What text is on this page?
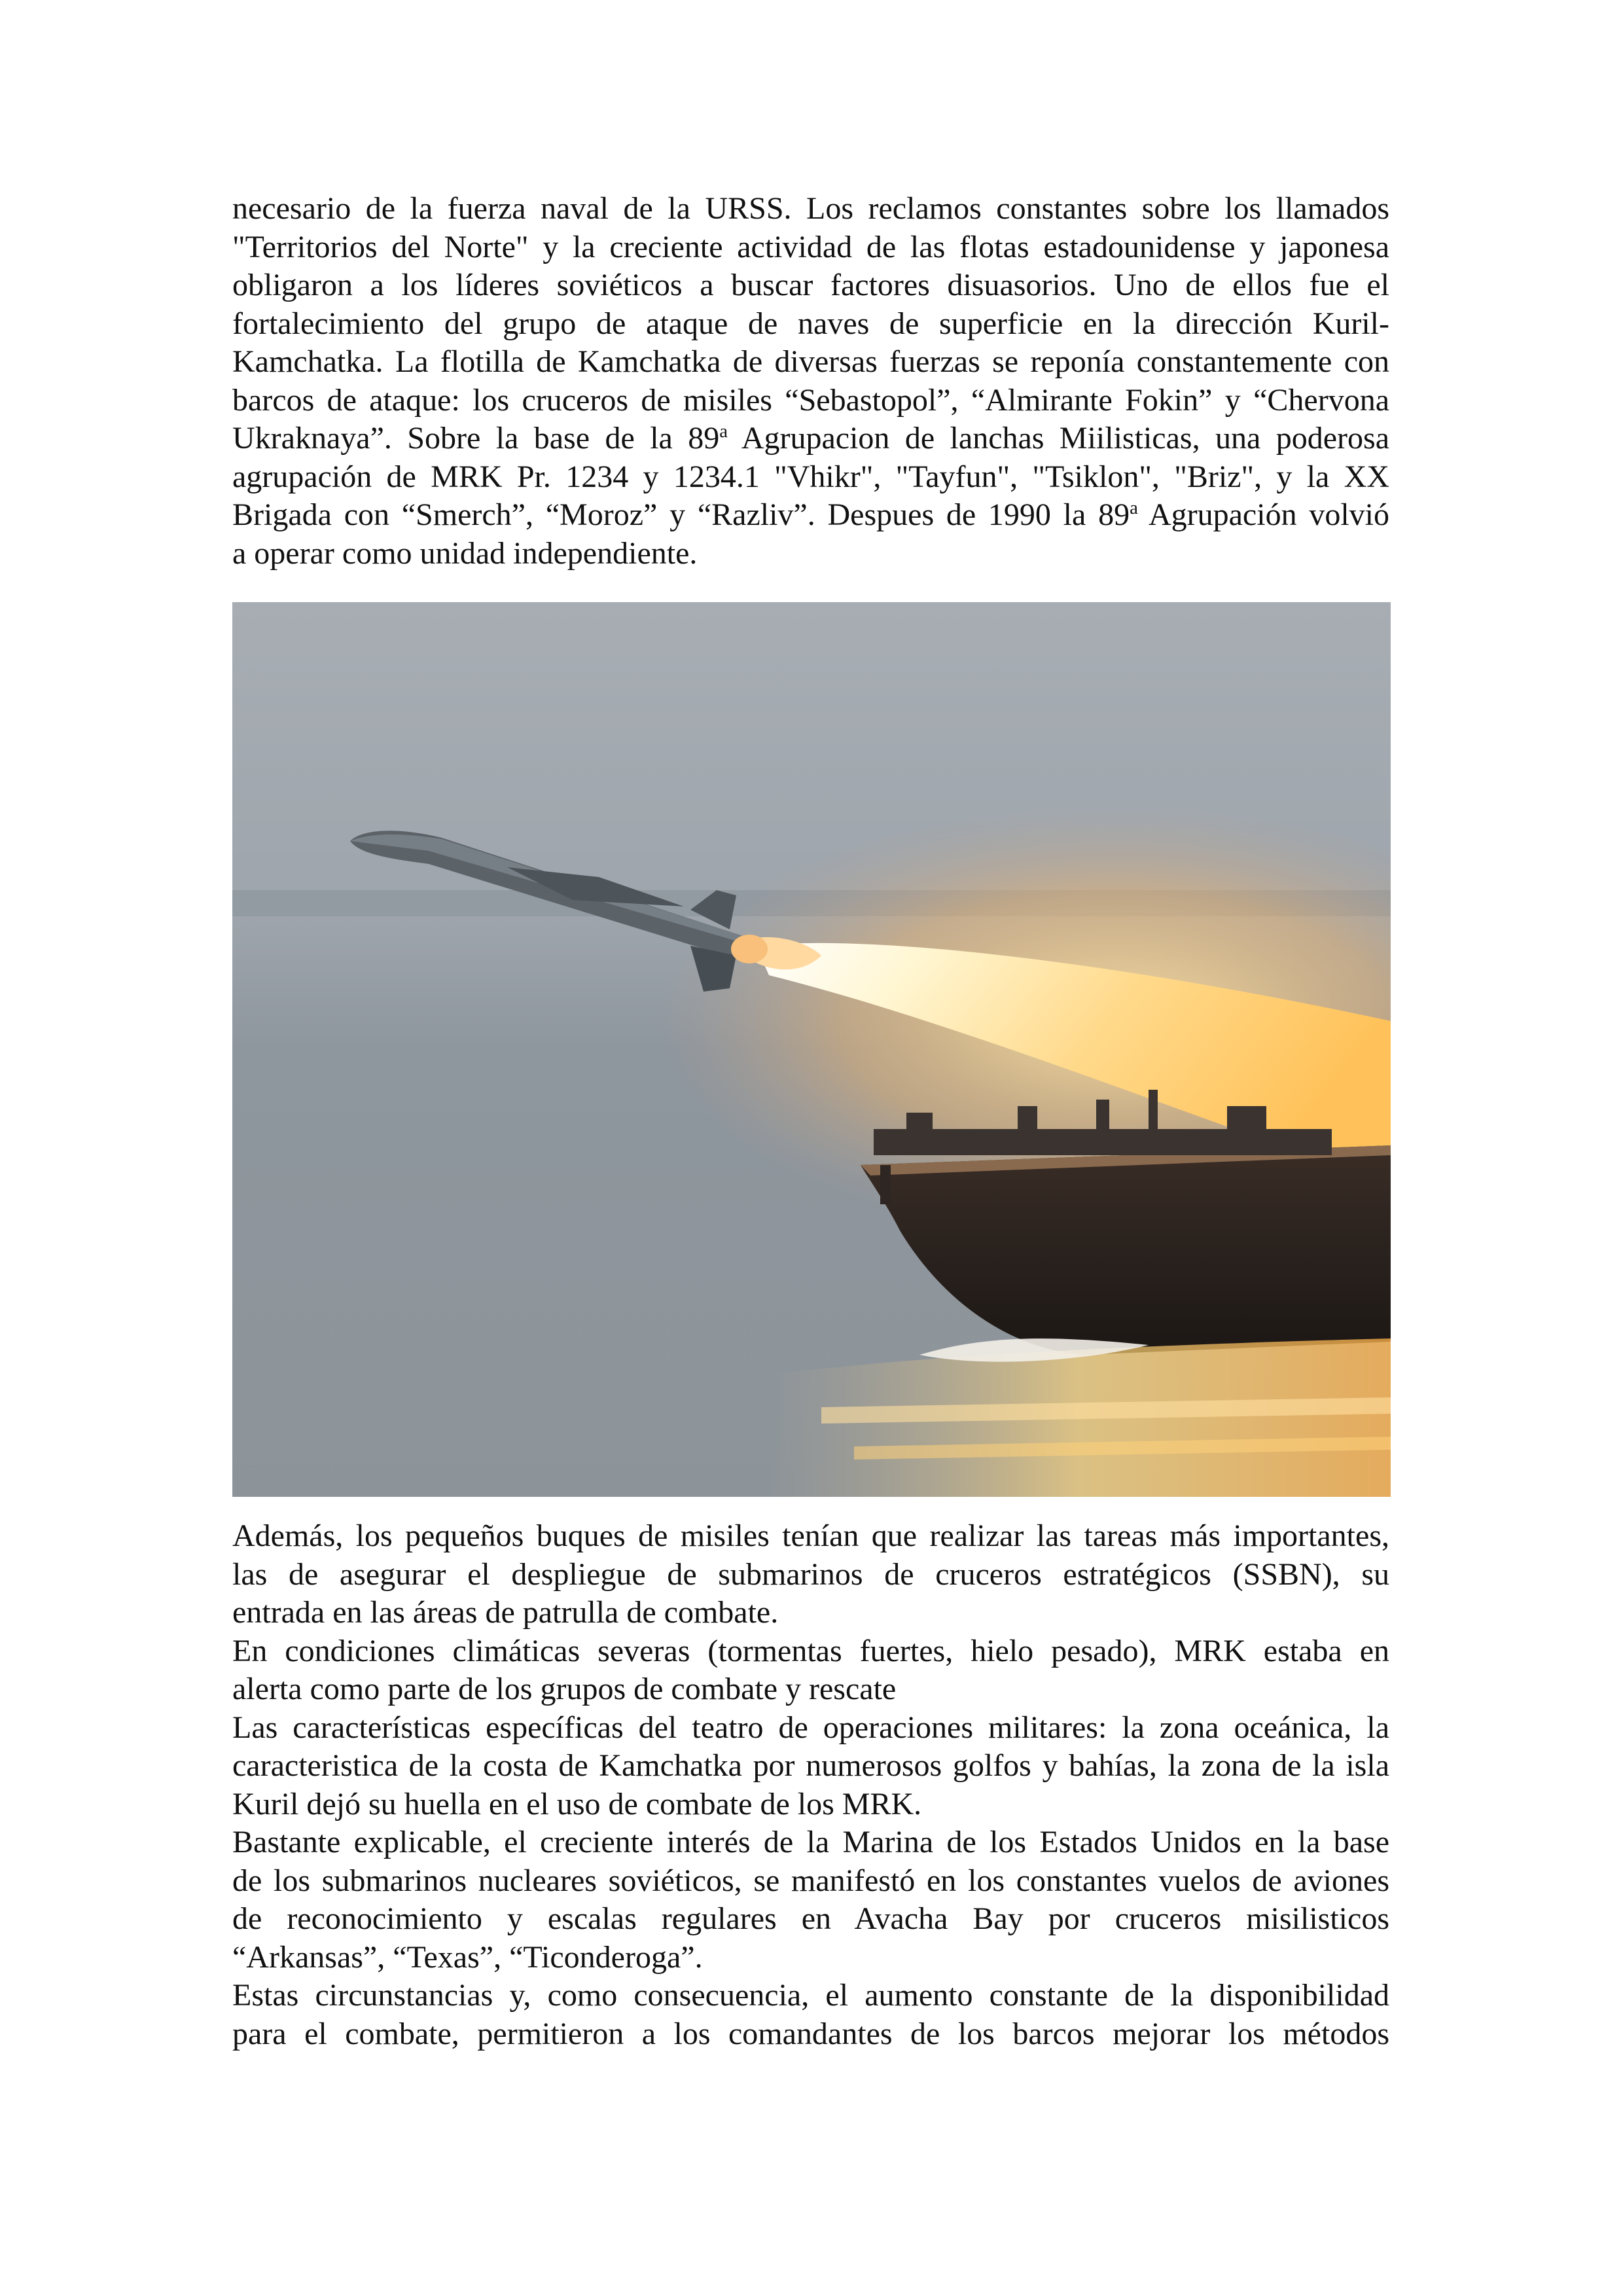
necesario de la fuerza naval de la URSS. Los reclamos constantes sobre los llamados
"Territorios del Norte" y la creciente actividad de las flotas estadounidense y japonesa
obligaron a los líderes soviéticos a buscar factores disuasorios. Uno de ellos fue el
fortalecimiento del grupo de ataque de naves de superficie en la dirección Kuril-
Kamchatka. La flotilla de Kamchatka de diversas fuerzas se reponía constantemente con
barcos de ataque: los cruceros de misiles “Sebastopol”, “Almirante Fokin” y “Chervona
Ukraknaya”. Sobre la base de la 89$^a$ Agrupacion de lanchas Miilisticas, una poderosa
agrupación de MRK Pr. 1234 y 1234.1 "Vhikr", "Tayfun", "Tsiklon", "Briz", y la XX
Brigada con “Smerch”, “Moroz” y “Razliv”. Despues de 1990 la 89$^a$ Agrupación volvió
a operar como unidad independiente.
Además, los pequeños buques de misiles tenían que realizar las tareas más importantes,
las de asegurar el despliegue de submarinos de cruceros estratégicos (SSBN), su
entrada en las áreas de patrulla de combate.
En condiciones climáticas severas (tormentas fuertes, hielo pesado), MRK estaba en
alerta como parte de los grupos de combate y rescate
Las características específicas del teatro de operaciones militares: la zona oceánica, la
caracteristica de la costa de Kamchatka por numerosos golfos y bahías, la zona de la isla
Kuril dejó su huella en el uso de combate de los MRK.
Bastante explicable, el creciente interés de la Marina de los Estados Unidos en la base
de los submarinos nucleares soviéticos, se manifestó en los constantes vuelos de aviones
de reconocimiento y escalas regulares en Avacha Bay por cruceros misilisticos
“Arkansas”, “Texas”, “Ticonderoga”.
Estas circunstancias y, como consecuencia, el aumento constante de la disponibilidad
para el combate, permitieron a los comandantes de los barcos mejorar los métodos
